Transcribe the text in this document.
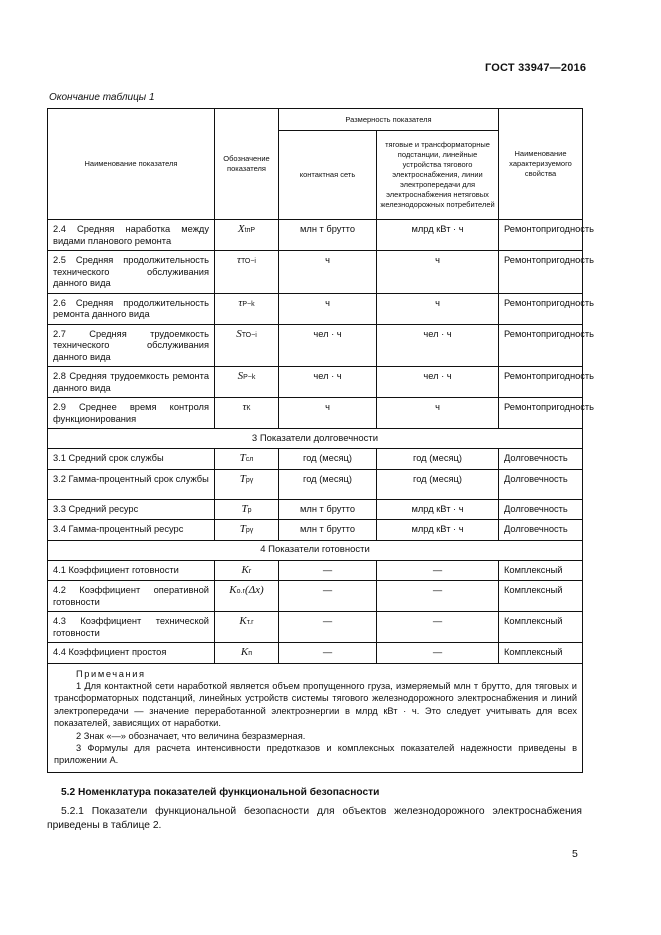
ГОСТ 33947—2016
Окончание таблицы 1
Наименование показателя	Обозначение показателя	Размерность показателя		Наименование характеризуемого свойства
		контактная сеть	тяговые и трансформаторные подстанции, линейные устройства тягового электроснабжения, линии электропередачи для электроснабжения нетяговых железнодорожных потребителей	
2.4 Средняя наработка между видами планового ремонта	XtпР	млн т брутто	млрд кВт · ч	Ремонтопригодность
2.5 Средняя продолжительность технического обслуживания данного вида	τТО−i	ч	ч	Ремонтопригодность
2.6 Средняя продолжительность ремонта данного вида	τР−k	ч	ч	Ремонтопригодность
2.7 Средняя трудоемкость технического обслуживания данного вида	SТО−i	чел · ч	чел · ч	Ремонтопригодность
2.8 Средняя трудоемкость ремонта данного вида	SР−k	чел · ч	чел · ч	Ремонтопригодность
2.9 Среднее время контроля функционирования	τК	ч	ч	Ремонтопригодность
3 Показатели долговечности				
3.1 Средний срок службы	Tсл	год (месяц)	год (месяц)	Долговечность
3.2 Гамма-процентный срок службы	Tрγ	год (месяц)	год (месяц)	Долговечность
3.3 Средний ресурс	Tр	млн т брутто	млрд кВт · ч	Долговечность
3.4 Гамма-процентный ресурс	Tрγ	млн т брутто	млрд кВт · ч	Долговечность
4 Показатели готовности				
4.1 Коэффициент готовности	Kг	—	—	Комплексный
4.2 Коэффициент оперативной готовности	Kо.г(Δx)	—	—	Комплексный
4.3 Коэффициент технической готовности	Kт.г	—	—	Комплексный
4.4 Коэффициент простоя	Kп	—	—	Комплексный

Примечания
1 Для контактной сети наработкой является объем пропущенного груза, измеряемый млн т брутто, для тяговых и трансформаторных подстанций, линейных устройств системы тягового железнодорожного электроснабжения и линий электропередачи — значение переработанной электроэнергии в млрд кВт · ч. Это следует учитывать для всех показателей, зависящих от наработки.
2 Знак «—» обозначает, что величина безразмерная.
3 Формулы для расчета интенсивности предотказов и комплексных показателей надежности приведены в приложении А.				
5.2 Номенклатура показателей функциональной безопасности
5.2.1 Показатели функциональной безопасности для объектов железнодорожного электроснабжения приведены в таблице 2.
5
